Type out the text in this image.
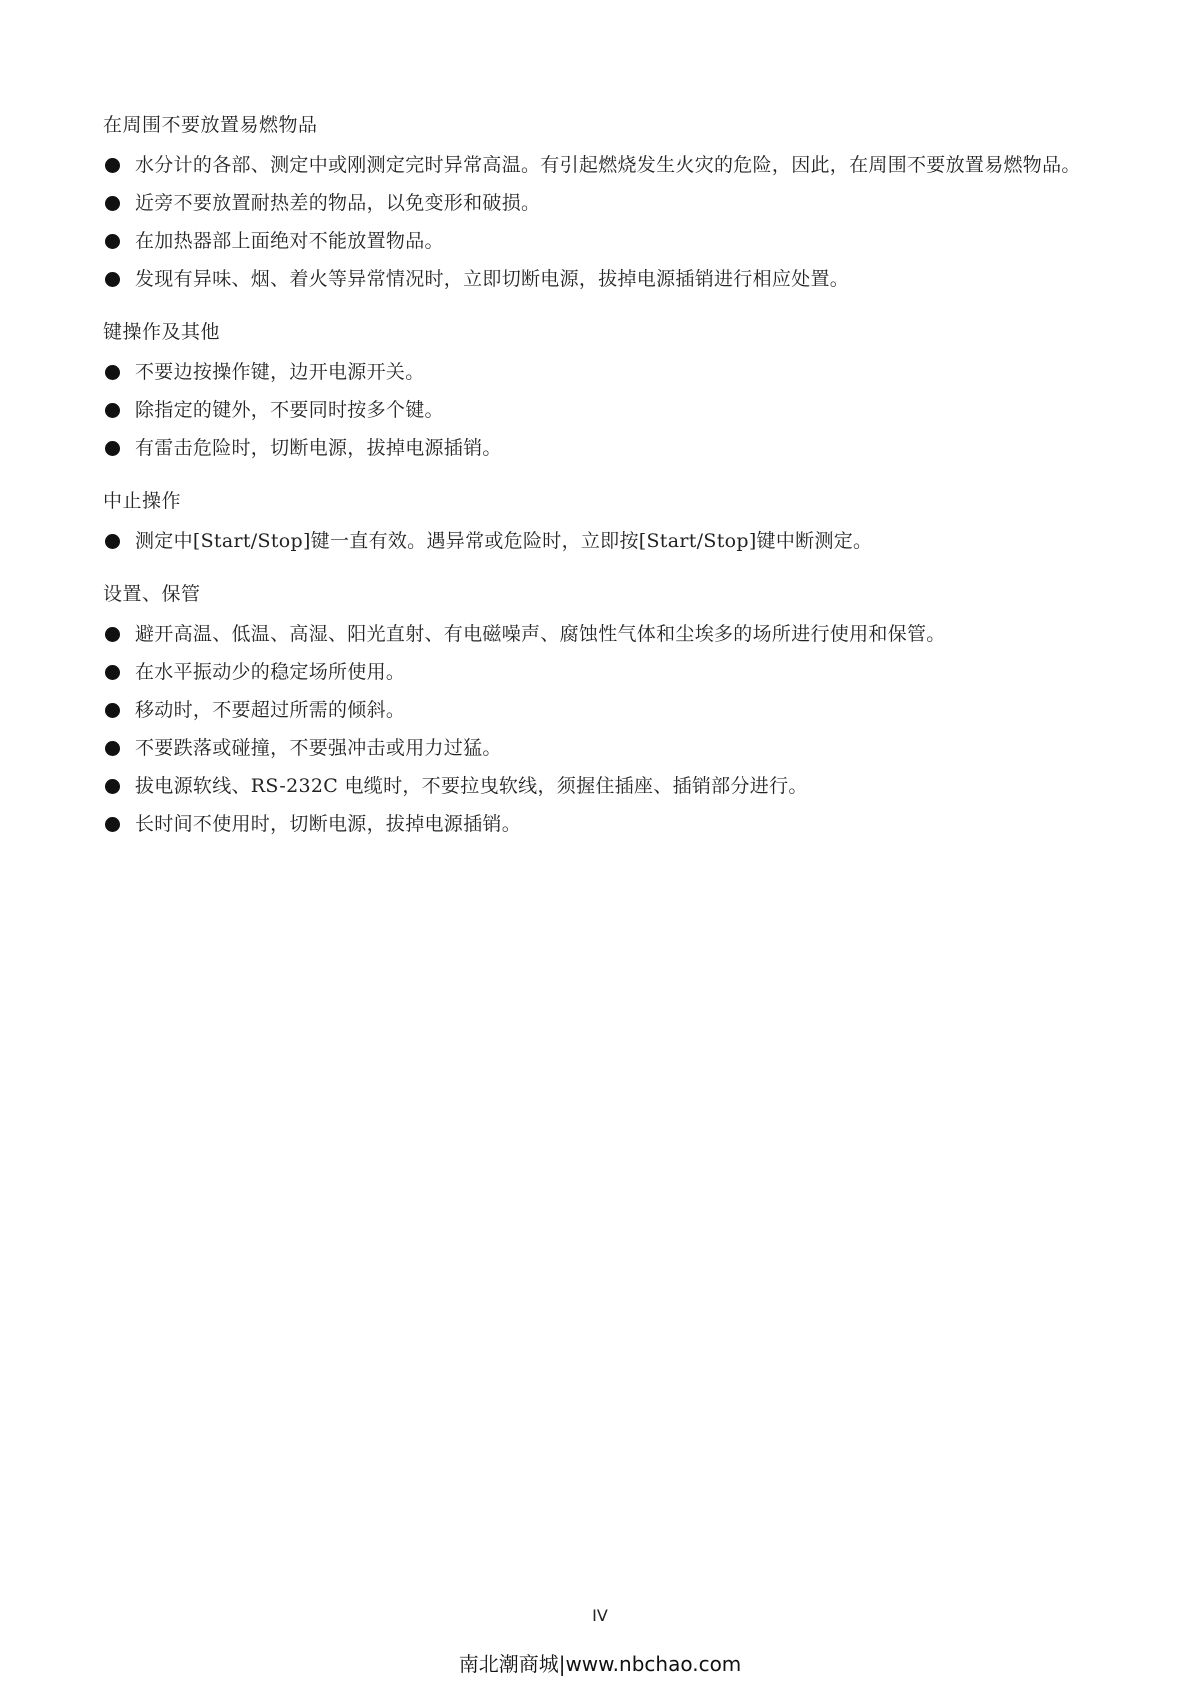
在周围不要放置易燃物品
水分计的各部、测定中或刚测定完时异常高温。有引起燃烧发生火灾的危险，因此，在周围不要放置易燃物品。
近旁不要放置耐热差的物品，以免变形和破损。
在加热器部上面绝对不能放置物品。
发现有异味、烟、着火等异常情况时，立即切断电源，拔掉电源插销进行相应处置。
键操作及其他
不要边按操作键，边开电源开关。
除指定的键外，不要同时按多个键。
有雷击危险时，切断电源，拔掉电源插销。
中止操作
测定中[Start/Stop]键一直有效。遇异常或危险时，立即按[Start/Stop]键中断测定。
设置、保管
避开高温、低温、高湿、阳光直射、有电磁噪声、腐蚀性气体和尘埃多的场所进行使用和保管。
在水平振动少的稳定场所使用。
移动时，不要超过所需的倾斜。
不要跌落或碰撞，不要强冲击或用力过猛。
拔电源软线、RS-232C 电缆时，不要拉曳软线，须握住插座、插销部分进行。
长时间不使用时，切断电源，拔掉电源插销。
IV
南北潮商城|www.nbchao.com
